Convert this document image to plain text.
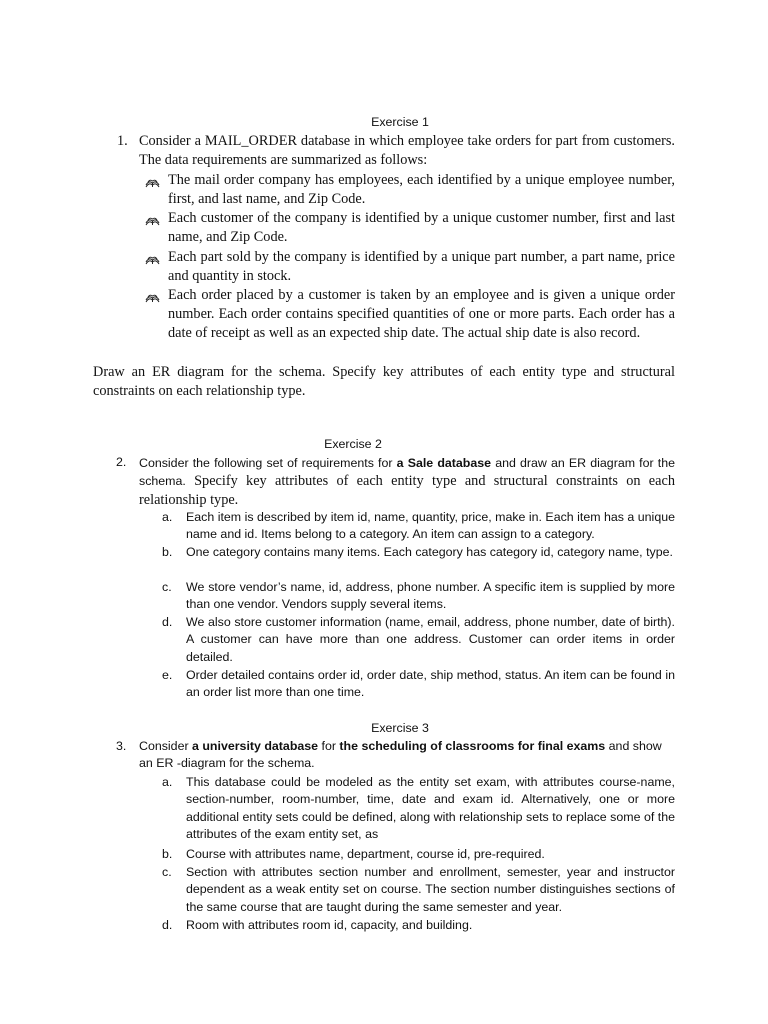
Exercise 1
1. Consider a MAIL_ORDER database in which employee take orders for part from customers. The data requirements are summarized as follows:
The mail order company has employees, each identified by a unique employee number, first, and last name, and Zip Code.
Each customer of the company is identified by a unique customer number, first and last name, and Zip Code.
Each part sold by the company is identified by a unique part number, a part name, price and quantity in stock.
Each order placed by a customer is taken by an employee and is given a unique order number. Each order contains specified quantities of one or more parts. Each order has a date of receipt as well as an expected ship date. The actual ship date is also record.
Draw an ER diagram for the schema. Specify key attributes of each entity type and structural constraints on each relationship type.
Exercise 2
2. Consider the following set of requirements for a Sale database and draw an ER diagram for the schema. Specify key attributes of each entity type and structural constraints on each relationship type.
a. Each item is described by item id, name, quantity, price, make in. Each item has a unique name and id. Items belong to a category. An item can assign to a category.
b. One category contains many items. Each category has category id, category name, type.
c. We store vendor’s name, id, address, phone number. A specific item is supplied by more than one vendor. Vendors supply several items.
d. We also store customer information (name, email, address, phone number, date of birth). A customer can have more than one address. Customer can order items in order detailed.
e. Order detailed contains order id, order date, ship method, status. An item can be found in an order list more than one time.
Exercise 3
3. Consider a university database for the scheduling of classrooms for final exams and show an ER -diagram for the schema.
a. This database could be modeled as the entity set exam, with attributes course-name, section-number, room-number, time, date and exam id. Alternatively, one or more additional entity sets could be defined, along with relationship sets to replace some of the attributes of the exam entity set, as
b. Course with attributes name, department, course id, pre-required.
c. Section with attributes section number and enrollment, semester, year and instructor dependent as a weak entity set on course. The section number distinguishes sections of the same course that are taught during the same semester and year.
d. Room with attributes room id, capacity, and building.
